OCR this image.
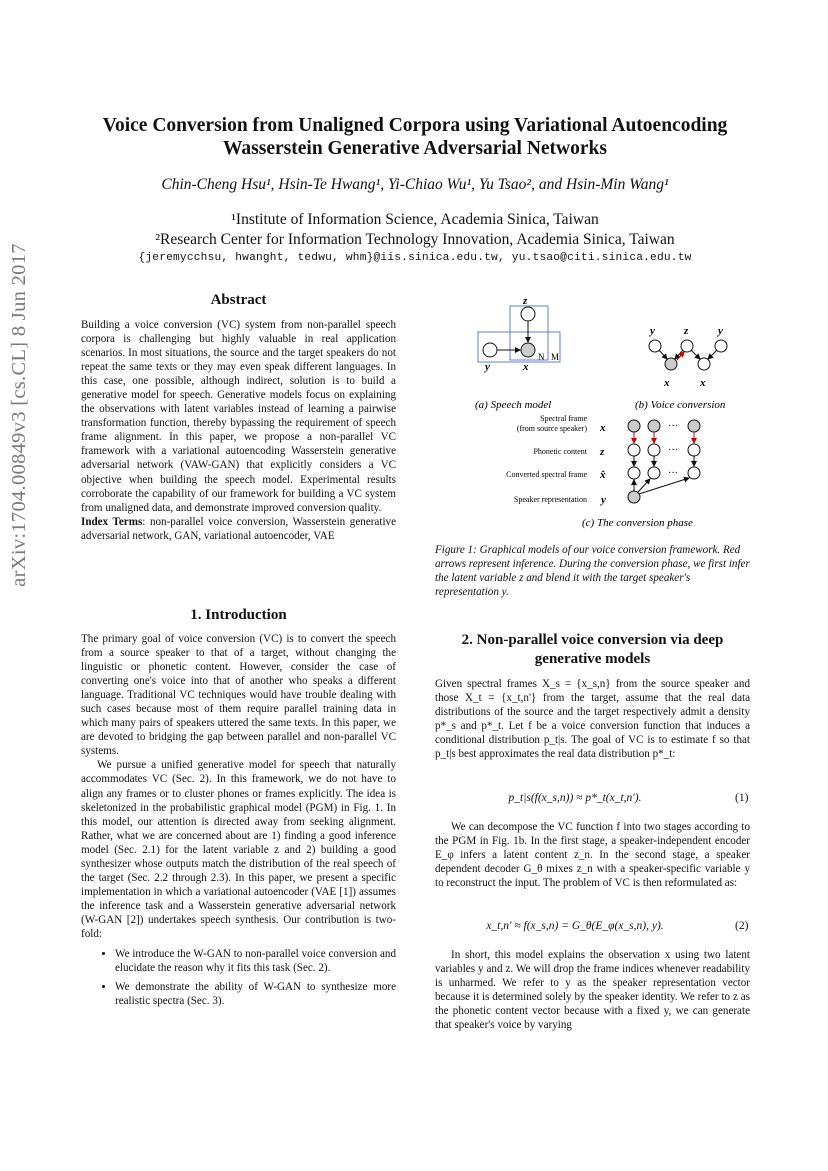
arXiv:1704.00849v3 [cs.CL] 8 Jun 2017
Voice Conversion from Unaligned Corpora using Variational Autoencoding
Wasserstein Generative Adversarial Networks
Chin-Cheng Hsu¹, Hsin-Te Hwang¹, Yi-Chiao Wu¹, Yu Tsao², and Hsin-Min Wang¹
¹Institute of Information Science, Academia Sinica, Taiwan
²Research Center for Information Technology Innovation, Academia Sinica, Taiwan
{jeremycchsu, hwanght, tedwu, whm}@iis.sinica.edu.tw, yu.tsao@citi.sinica.edu.tw
Abstract
Building a voice conversion (VC) system from non-parallel speech corpora is challenging but highly valuable in real application scenarios. In most situations, the source and the target speakers do not repeat the same texts or they may even speak different languages. In this case, one possible, although indirect, solution is to build a generative model for speech. Generative models focus on explaining the observations with latent variables instead of learning a pairwise transformation function, thereby bypassing the requirement of speech frame alignment. In this paper, we propose a non-parallel VC framework with a variational autoencoding Wasserstein generative adversarial network (VAW-GAN) that explicitly considers a VC objective when building the speech model. Experimental results corroborate the capability of our framework for building a VC system from unaligned data, and demonstrate improved conversion quality.
Index Terms: non-parallel voice conversion, Wasserstein generative adversarial network, GAN, variational autoencoder, VAE
1. Introduction

The primary goal of voice conversion (VC) is to convert the speech from a source speaker to that of a target, without changing the linguistic or phonetic content. However, consider the case of converting one's voice into that of another who speaks a different language. Traditional VC techniques would have trouble dealing with such cases because most of them require parallel training data in which many pairs of speakers uttered the same texts. In this paper, we are devoted to bridging the gap between parallel and non-parallel VC systems.

We pursue a unified generative model for speech that naturally accommodates VC (Sec. 2). In this framework, we do not have to align any frames or to cluster phones or frames explicitly. The idea is skeletonized in the probabilistic graphical model (PGM) in Fig. 1. In this model, our attention is directed away from seeking alignment. Rather, what we are concerned about are 1) finding a good inference model (Sec. 2.1) for the latent variable z and 2) building a good synthesizer whose outputs match the distribution of the real speech of the target (Sec. 2.2 through 2.3). In this paper, we present a specific implementation in which a variational autoencoder (VAE [1]) assumes the inference task and a Wasserstein generative adversarial network (W-GAN [2]) undertakes speech synthesis. Our contribution is two-fold:

• We introduce the W-GAN to non-parallel voice conversion and elucidate the reason why it fits this task (Sec. 2).
• We demonstrate the ability of W-GAN to synthesize more realistic spectra (Sec. 3).
z
y	x
N M
(a) Speech model
y	z	y
x	x
(b) Voice conversion
Spectral frame
(from source speaker)
Phonetic content
Converted spectral frame
Speaker representation
x
z
x̂
y
···
···
···
(c) The conversion phase
Figure 1: Graphical models of our voice conversion framework. Red arrows represent inference. During the conversion phase, we first infer the latent variable z and blend it with the target speaker's representation y.
2. Non-parallel voice conversion via deep
generative models
Given spectral frames X_s = {x_s,n} from the source speaker and those X_t = {x_t,n'} from the target, assume that the real data distributions of the source and the target respectively admit a density p*_s and p*_t. Let f be a voice conversion function that induces a conditional distribution p_t|s. The goal of VC is to estimate f so that p_t|s best approximates the real data distribution p*_t:
p_t|s(f(x_s,n)) ≈ p*_t(x_t,n').	(1)
We can decompose the VC function f into two stages according to the PGM in Fig. 1b. In the first stage, a speaker-independent encoder E_φ infers a latent content z_n. In the second stage, a speaker dependent decoder G_θ mixes z_n with a speaker-specific variable y to reconstruct the input. The problem of VC is then reformulated as:
x_t,n' ≈ f(x_s,n) = G_θ(E_φ(x_s,n), y).	(2)
In short, this model explains the observation x using two latent variables y and z. We will drop the frame indices whenever readability is unharmed. We refer to y as the speaker representation vector because it is determined solely by the speaker identity. We refer to z as the phonetic content vector because with a fixed y, we can generate that speaker's voice by varying
